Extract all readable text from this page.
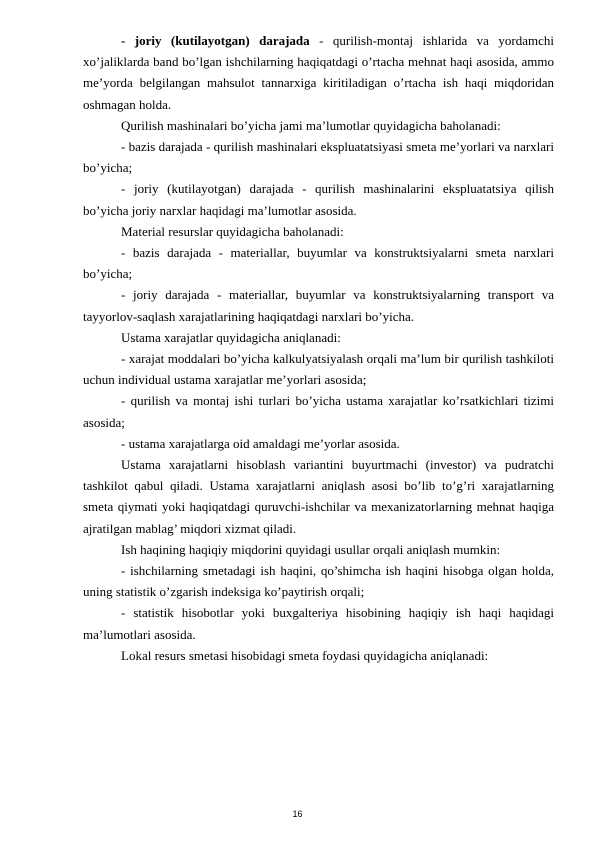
- joriy (kutilayotgan) darajada - qurilish-montaj ishlarida va yordamchi xo’jaliklarda band bo’lgan ishchilarning haqiqatdagi o’rtacha mehnat haqi asosida, ammo me’yorda belgilangan mahsulot tannarxiga kiritiladigan o’rtacha ish haqi miqdoridan oshmagan holda.

Qurilish mashinalari bo’yicha jami ma’lumotlar quyidagicha baholanadi:

- bazis darajada - qurilish mashinalari ekspluatatsiyasi smeta me’yorlari va narxlari bo’yicha;

- joriy (kutilayotgan) darajada - qurilish mashinalarini ekspluatatsiya qilish bo’yicha joriy narxlar haqidagi ma’lumotlar asosida.

Material resurslar quyidagicha baholanadi:

- bazis darajada - materiallar, buyumlar va konstruktsiyalarni smeta narxlari bo’yicha;

- joriy darajada - materiallar, buyumlar va konstruktsiyalarning transport va tayyorlov-saqlash xarajatlarining haqiqatdagi narxlari bo’yicha.

Ustama xarajatlar quyidagicha aniqlanadi:

- xarajat moddalari bo’yicha kalkulyatsiyalash orqali ma’lum bir qurilish tashkiloti uchun individual ustama xarajatlar me’yorlari asosida;

- qurilish va montaj ishi turlari bo’yicha ustama xarajatlar ko’rsatkichlari tizimi asosida;

- ustama xarajatlarga oid amaldagi me’yorlar asosida.

Ustama xarajatlarni hisoblash variantini buyurtmachi (investor) va pudratchi tashkilot qabul qiladi. Ustama xarajatlarni aniqlash asosi bo’lib to’g’ri xarajatlarning smeta qiymati yoki haqiqatdagi quruvchi-ishchilar va mexanizatorlarning mehnat haqiga ajratilgan mablag’ miqdori xizmat qiladi.

Ish haqining haqiqiy miqdorini quyidagi usullar orqali aniqlash mumkin:

- ishchilarning smetadagi ish haqini, qo’shimcha ish haqini hisobga olgan holda, uning statistik o’zgarish indeksiga ko’paytirish orqali;

- statistik hisobotlar yoki buxgalteriya hisobining haqiqiy ish haqi haqidagi ma’lumotlari asosida.

Lokal resurs smetasi hisobidagi smeta foydasi quyidagicha aniqlanadi:

16
